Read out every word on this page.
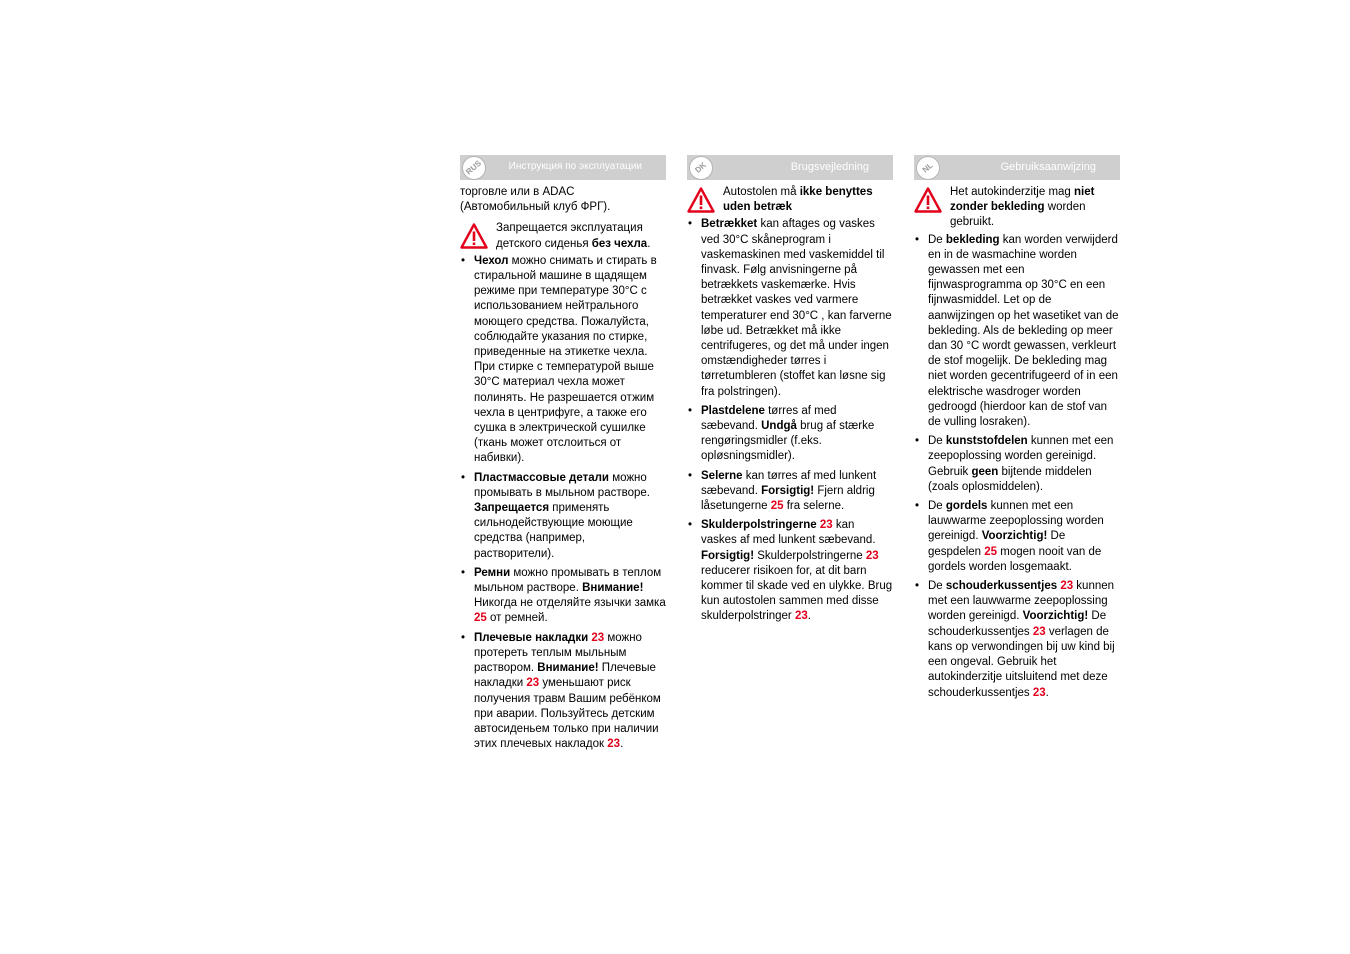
RUS	Инструкция по эксплуатации

торговле или в ADAC
(Автомобильный клуб ФРГ).

Запрещается эксплуатация детского сиденья без чехла.
• Чехол можно снимать и стирать в стиральной машине в щадящем режиме при температуре 30°C с использованием нейтрального моющего средства. Пожалуйста, соблюдайте указания по стирке, приведенные на этикетке чехла. При стирке с температурой выше 30°C материал чехла может полинять. Не разрешается отжим чехла в центрифуге, а также его сушка в электрической сушилке (ткань может отслоиться от набивки).
• Пластмассовые детали можно промывать в мыльном растворе. Запрещается применять сильнодействующие моющие средства (например, растворители).
• Ремни можно промывать в теплом мыльном растворе. Внимание! Никогда не отделяйте язычки замка 25 от ремней.
• Плечевые накладки 23 можно протереть теплым мыльным раствором. Внимание! Плечевые накладки 23 уменьшают риск получения травм Вашим ребёнком при аварии. Пользуйтесь детским автосиденьем только при наличии этих плечевых накладок 23.
DK	Brugsvejledning
Autostolen må ikke benyttes uden betræk
• Betrækket kan aftages og vaskes ved 30°C skåneprogram i vaskemaskinen med vaskemiddel til finvask. Følg anvisningerne på betrækkets vaskemærke. Hvis betrækket vaskes ved varmere temperaturer end 30°C , kan farverne løbe ud. Betrækket må ikke centrifugeres, og det må under ingen omstændigheder tørres i tørretumbleren (stoffet kan løsne sig fra polstringen).
• Plastdelene tørres af med sæbevand. Undgå brug af stærke rengøringsmidler (f.eks. opløsningsmidler).
• Selerne kan tørres af med lunkent sæbevand. Forsigtig! Fjern aldrig låsetungerne 25 fra selerne.
• Skulderpolstringerne 23 kan vaskes af med lunkent sæbevand. Forsigtig! Skulderpolstringerne 23 reducerer risikoen for, at dit barn kommer til skade ved en ulykke. Brug kun autostolen sammen med disse skulderpolstringer 23.
NL	Gebruiksaanwijzing
Het autokinderzitje mag niet zonder bekleding worden gebruikt.
• De bekleding kan worden verwijderd en in de wasmachine worden gewassen met een fijnwasprogramma op 30°C en een fijnwasmiddel. Let op de aanwijzingen op het wasetiket van de bekleding. Als de bekleding op meer dan 30 °C wordt gewassen, verkleurt de stof mogelijk. De bekleding mag niet worden gecentrifugeerd of in een elektrische wasdroger worden gedroogd (hierdoor kan de stof van de vulling losraken).
• De kunststofdelen kunnen met een zeepoplossing worden gereinigd. Gebruik geen bijtende middelen (zoals oplosmiddelen).
• De gordels kunnen met een lauwwarme zeepoplossing worden gereinigd. Voorzichtig! De gespdelen 25 mogen nooit van de gordels worden losgemaakt.
• De schouderkussentjes 23 kunnen met een lauwwarme zeepoplossing worden gereinigd. Voorzichtig! De schouderkussentjes 23 verlagen de kans op verwondingen bij uw kind bij een ongeval. Gebruik het autokinderzitje uitsluitend met deze schouderkussentjes 23.
